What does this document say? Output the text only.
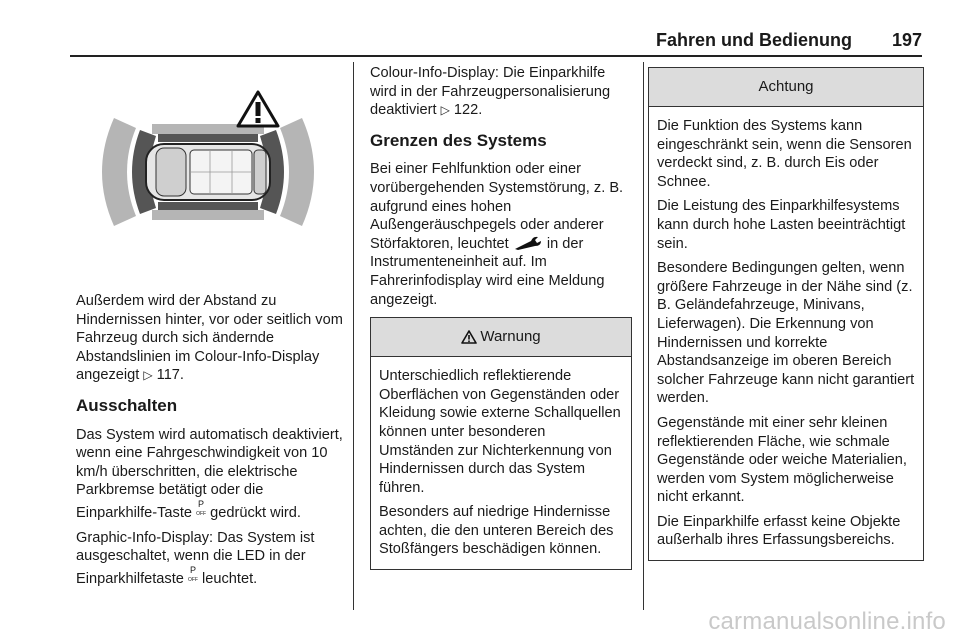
Fahren und Bedienung 197

Außerdem wird der Abstand zu Hindernissen hinter, vor oder seitlich vom Fahrzeug durch sich ändernde Abstandslinien im Colour-Info-Display angezeigt ▷ 117.

Ausschalten

Das System wird automatisch deaktiviert, wenn eine Fahrgeschwindigkeit von 10 km/h überschritten, die elektrische Parkbremse betätigt oder die Einparkhilfe-Taste P
OFF gedrückt wird.

Graphic-Info-Display: Das System ist ausgeschaltet, wenn die LED in der Einparkhilfetaste P
OFF leuchtet.

Colour-Info-Display: Die Einparkhilfe wird in der Fahrzeugpersonalisierung deaktiviert ▷ 122.

Grenzen des Systems

Bei einer Fehlfunktion oder einer vorübergehenden Systemstörung, z. B. aufgrund eines hohen Außengeräuschpegels oder anderer Störfaktoren, leuchtet	in der Instrumenteneinheit auf. Im Fahrerinfodisplay wird eine Meldung angezeigt.

Warnung

Unterschiedlich reflektierende Oberflächen von Gegenständen oder Kleidung sowie externe Schallquellen können unter besonderen Umständen zur Nichterkennung von Hindernissen durch das System führen.

Besonders auf niedrige Hindernisse achten, die den unteren Bereich des Stoßfängers beschädigen können.

Achtung

Die Funktion des Systems kann eingeschränkt sein, wenn die Sensoren verdeckt sind, z. B. durch Eis oder Schnee.

Die Leistung des Einparkhilfesystems kann durch hohe Lasten beeinträchtigt sein.

Besondere Bedingungen gelten, wenn größere Fahrzeuge in der Nähe sind (z. B. Geländefahrzeuge, Minivans, Lieferwagen). Die Erkennung von Hindernissen und korrekte Abstandsanzeige im oberen Bereich solcher Fahrzeuge kann nicht garantiert werden.

Gegenstände mit einer sehr kleinen reflektierenden Fläche, wie schmale Gegenstände oder weiche Materialien, werden vom System möglicherweise nicht erkannt.

Die Einparkhilfe erfasst keine Objekte außerhalb ihres Erfassungsbereichs.

carmanualsonline.info
